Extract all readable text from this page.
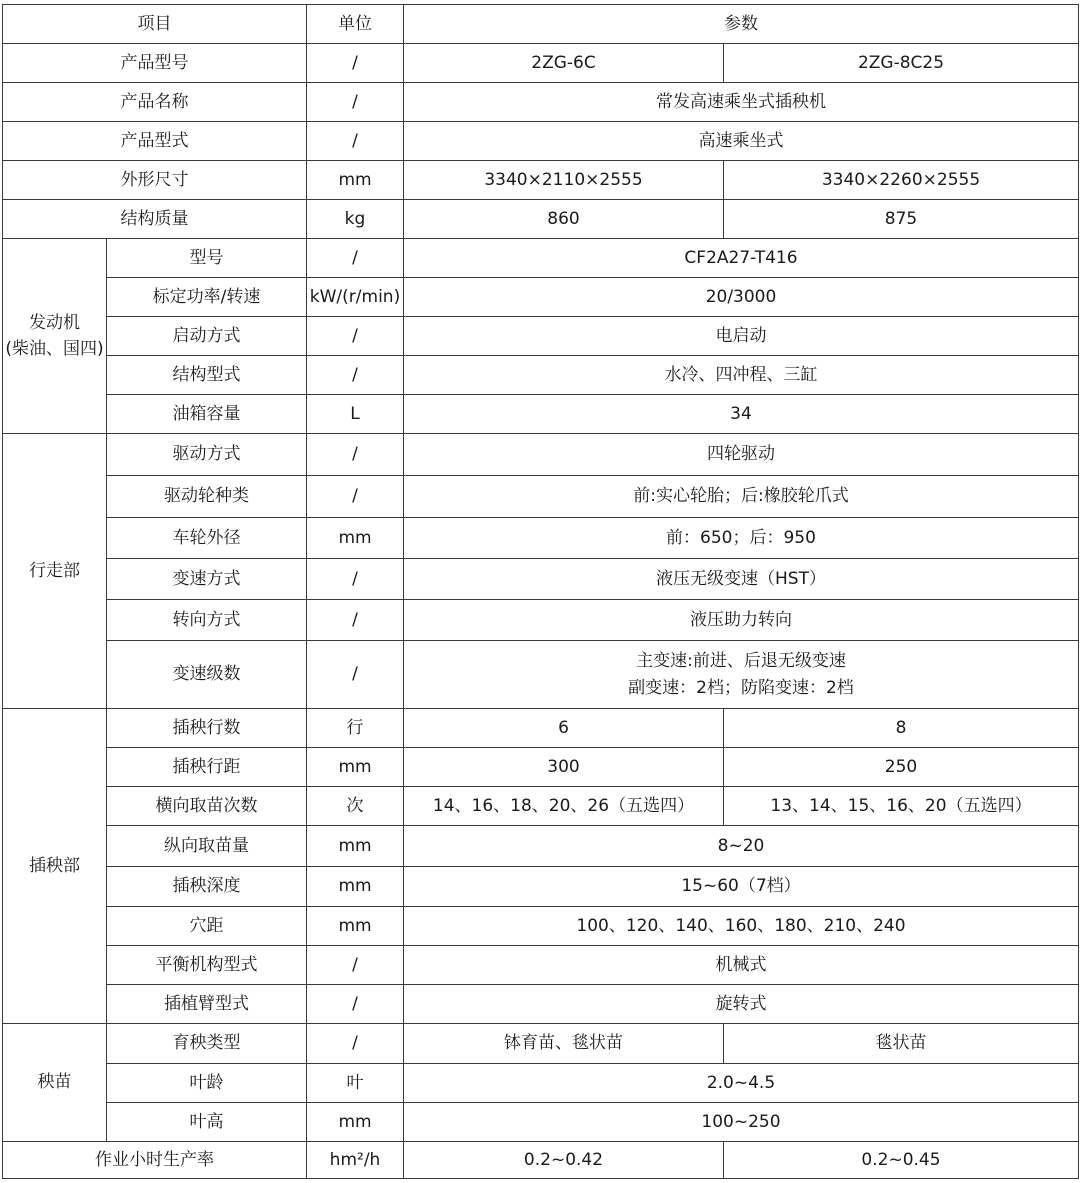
项目		单位	参数	
产品型号		/	2ZG-6C	2ZG-8C25
产品名称		/	常发高速乘坐式插秧机	
产品型式		/	高速乘坐式	
外形尺寸		mm	3340×2110×2555	3340×2260×2555
结构质量		kg	860	875

发动机
(柴油、国四)	型号	/	CF2A27-T416	
	标定功率/转速	kW/(r/min)	20/3000	
	启动方式	/	电启动	
	结构型式	/	水冷、四冲程、三缸	
	油箱容量	L	34	
行走部	驱动方式	/	四轮驱动	
	驱动轮种类	/	前:实心轮胎；后:橡胶轮爪式	
	车轮外径	mm	前：650；后：950	
	变速方式	/	液压无级变速（HST）	
	转向方式	/	液压助力转向	
	变速级数	/	主变速:前进、后退无级变速
副变速：2档；防陷变速：2档	

插秧部	插秧行数	行	6	8
	插秧行距	mm	300	250
	横向取苗次数	次	14、16、18、20、26（五选四）	13、14、15、16、20（五选四）
	纵向取苗量	mm	8~20	
	插秧深度	mm	15~60（7档）	
	穴距	mm	100、120、140、160、180、210、240	
	平衡机构型式	/	机械式	
	插植臂型式	/	旋转式	
秧苗	育秧类型	/	钵育苗、毯状苗	毯状苗
	叶龄	叶	2.0~4.5	
	叶高	mm	100~250	
作业小时生产率		hm²/h	0.2~0.42	0.2~0.45
